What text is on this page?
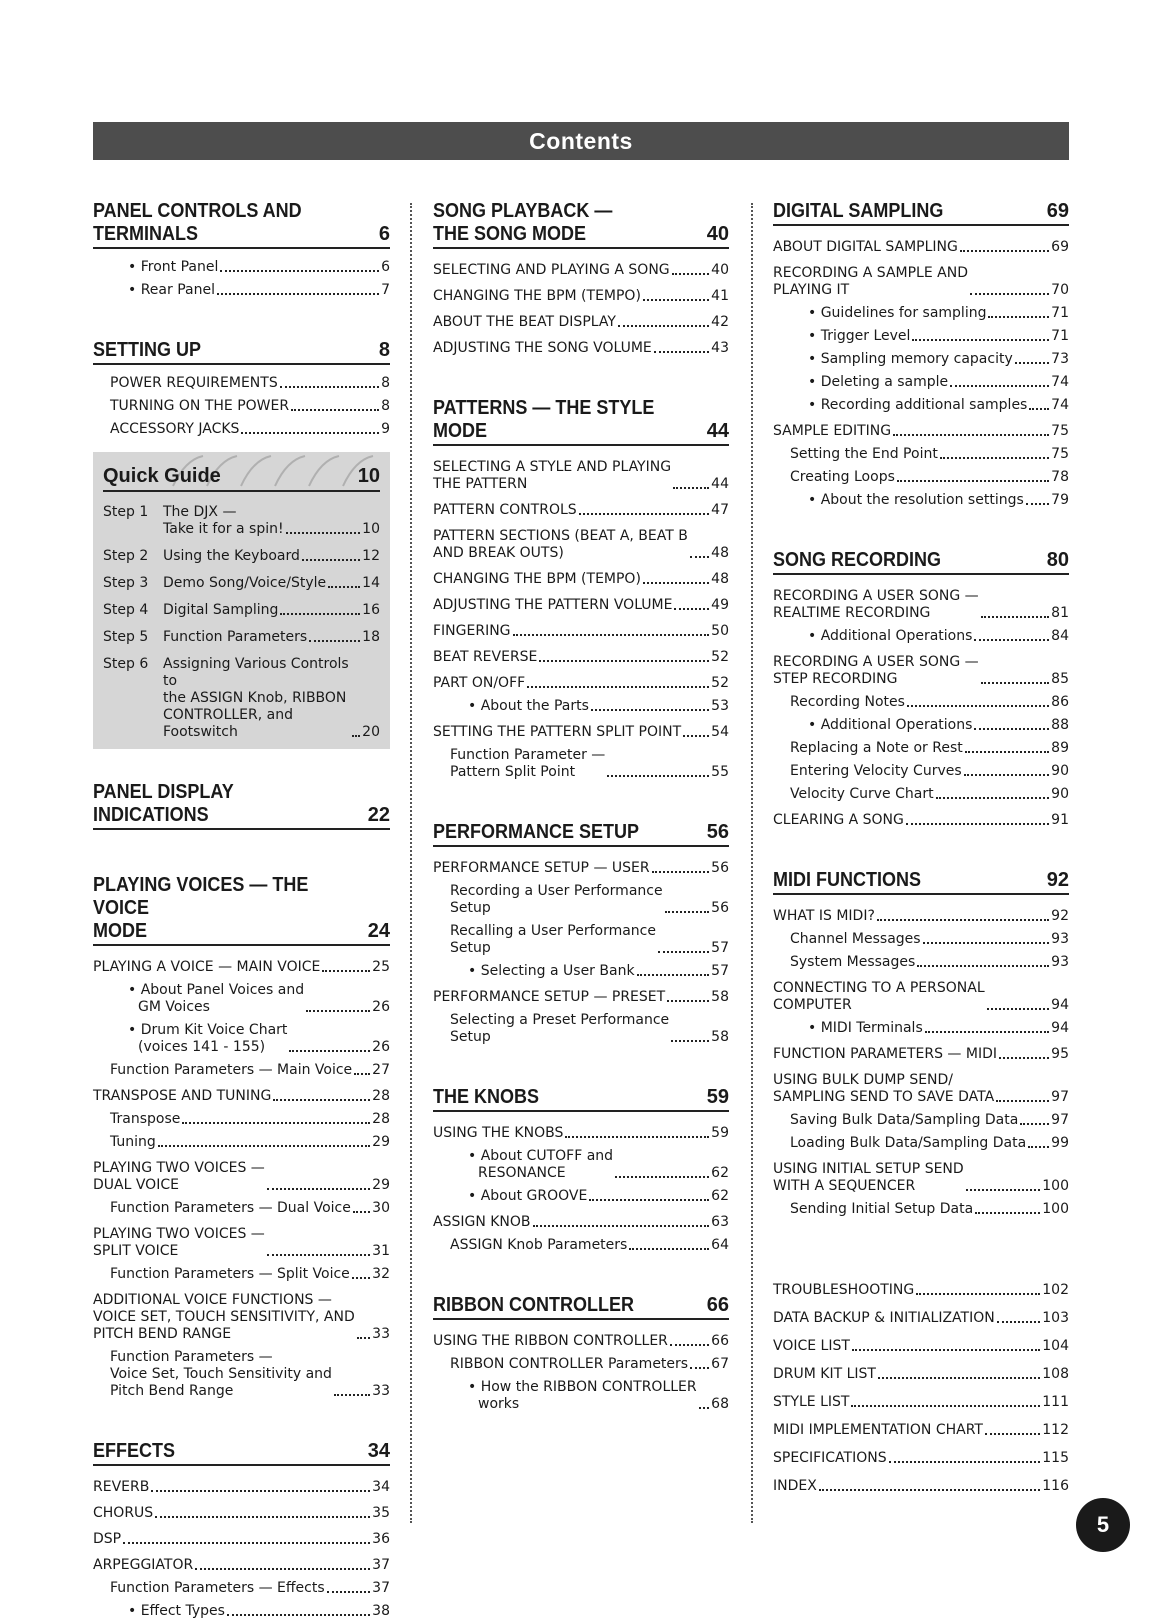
Contents
PANEL CONTROLS AND
TERMINALS	6
• Front Panel	6
• Rear Panel	7
SETTING UP	8
POWER REQUIREMENTS	8
TURNING ON THE POWER	8
ACCESSORY JACKS	9
Quick Guide	10
Step 1	The DJX —
Take it for a spin!	10
Step 2	Using the Keyboard	12
Step 3	Demo Song/Voice/Style	14
Step 4	Digital Sampling	16
Step 5	Function Parameters	18
Step 6	Assigning Various Controls to
the ASSIGN Knob, RIBBON
CONTROLLER, and
Footswitch	20
PANEL DISPLAY INDICATIONS	22
PLAYING VOICES — THE VOICE
MODE	24
PLAYING A VOICE — MAIN VOICE	25
• About Panel Voices and
GM Voices	26
• Drum Kit Voice Chart
(voices 141 - 155)	26
Function Parameters — Main Voice 27
TRANSPOSE AND TUNING	28
Transpose	28
Tuning	29
PLAYING TWO VOICES —
DUAL VOICE	29
Function Parameters — Dual Voice 30
PLAYING TWO VOICES —
SPLIT VOICE	31
Function Parameters — Split Voice 32
ADDITIONAL VOICE FUNCTIONS —
VOICE SET, TOUCH SENSITIVITY, AND
PITCH BEND RANGE	33
Function Parameters —
Voice Set, Touch Sensitivity and
Pitch Bend Range	33
EFFECTS	34
REVERB	34
CHORUS	35
DSP	36
ARPEGGIATOR	37
Function Parameters — Effects	37
• Effect Types	38
SONG PLAYBACK —
THE SONG MODE	40
SELECTING AND PLAYING A SONG	40
CHANGING THE BPM (TEMPO)	41
ABOUT THE BEAT DISPLAY	42
ADJUSTING THE SONG VOLUME	43
PATTERNS — THE STYLE MODE	44
SELECTING A STYLE AND PLAYING
THE PATTERN	44
PATTERN CONTROLS	47
PATTERN SECTIONS (BEAT A, BEAT B
AND BREAK OUTS)	48
CHANGING THE BPM (TEMPO)	48
ADJUSTING THE PATTERN VOLUME	49
FINGERING	50
BEAT REVERSE	52
PART ON/OFF	52
• About the Parts	53
SETTING THE PATTERN SPLIT POINT 54
Function Parameter —
Pattern Split Point	55
PERFORMANCE SETUP	56
PERFORMANCE SETUP — USER	56
Recording a User Performance
Setup	56
Recalling a User Performance
Setup	57
• Selecting a User Bank	57
PERFORMANCE SETUP — PRESET	58
Selecting a Preset Performance
Setup	58
THE KNOBS	59
USING THE KNOBS	59
• About CUTOFF and
RESONANCE	62
• About GROOVE	62
ASSIGN KNOB	63
ASSIGN Knob Parameters	64
RIBBON CONTROLLER	66
USING THE RIBBON CONTROLLER	66
RIBBON CONTROLLER Parameters 67
• How the RIBBON CONTROLLER
works	68
DIGITAL SAMPLING	69
ABOUT DIGITAL SAMPLING	69
RECORDING A SAMPLE AND
PLAYING IT	70
• Guidelines for sampling	71
• Trigger Level	71
• Sampling memory capacity	73
• Deleting a sample	74
• Recording additional samples 74
SAMPLE EDITING	75
Setting the End Point	75
Creating Loops	78
• About the resolution settings 79
SONG RECORDING	80
RECORDING A USER SONG —
REALTIME RECORDING	81
• Additional Operations	84
RECORDING A USER SONG —
STEP RECORDING	85
Recording Notes	86
• Additional Operations	88
Replacing a Note or Rest	89
Entering Velocity Curves	90
Velocity Curve Chart	90
CLEARING A SONG	91
MIDI FUNCTIONS	92
WHAT IS MIDI?	92
Channel Messages	93
System Messages	93
CONNECTING TO A PERSONAL
COMPUTER	94
• MIDI Terminals	94
FUNCTION PARAMETERS — MIDI	95
USING BULK DUMP SEND/
SAMPLING SEND TO SAVE DATA	97
Saving Bulk Data/Sampling Data 97
Loading Bulk Data/Sampling Data 99
USING INITIAL SETUP SEND
WITH A SEQUENCER	100
Sending Initial Setup Data	100
TROUBLESHOOTING	102
DATA BACKUP & INITIALIZATION	103
VOICE LIST	104
DRUM KIT LIST	108
STYLE LIST	111
MIDI IMPLEMENTATION CHART	112
SPECIFICATIONS	115
INDEX	116
5
